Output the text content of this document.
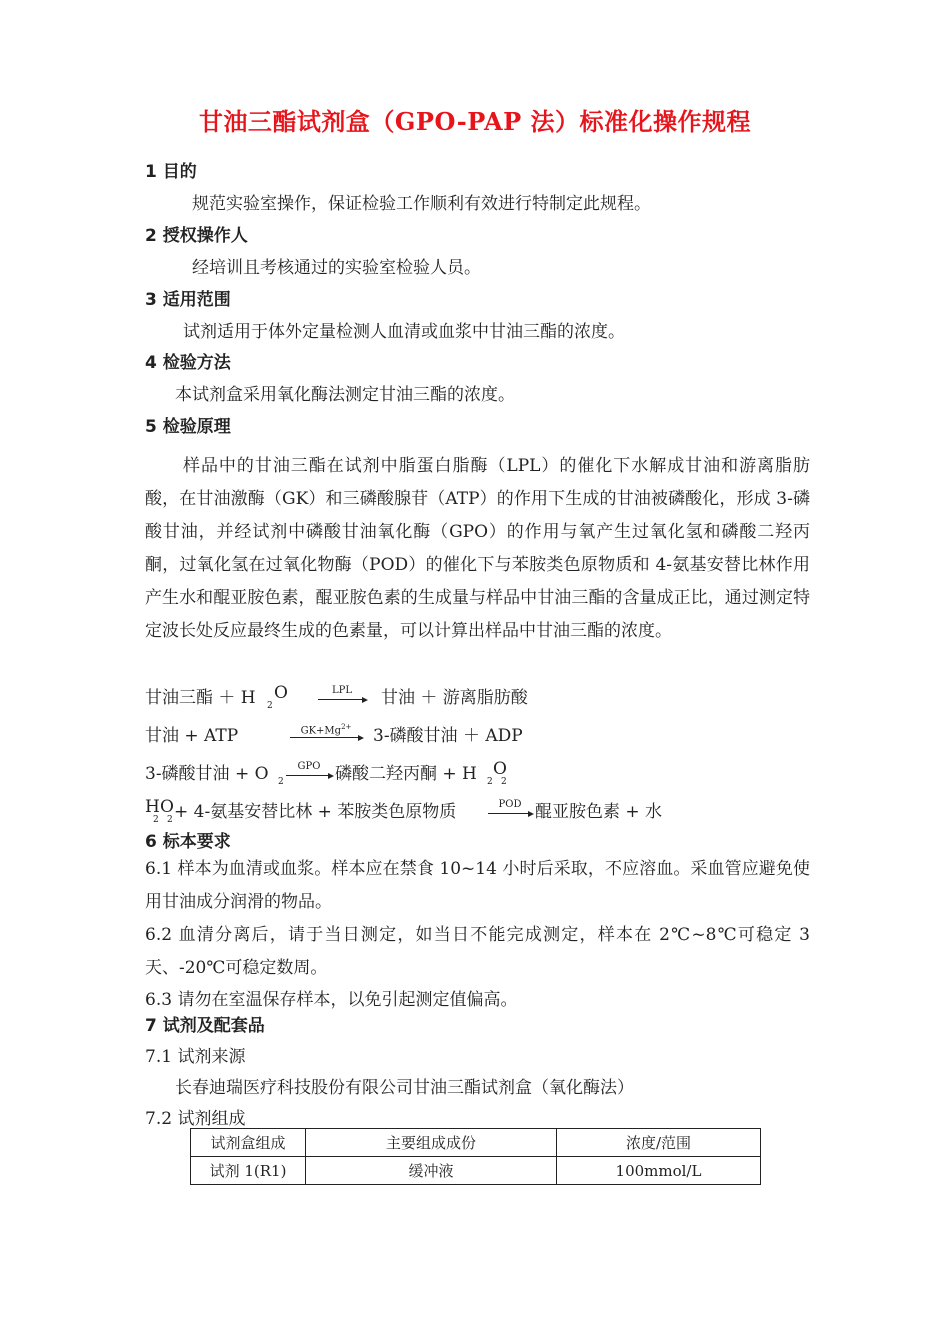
甘油三酯试剂盒（GPO-PAP 法）标准化操作规程
1 目的
规范实验室操作，保证检验工作顺利有效进行特制定此规程。
2 授权操作人
经培训且考核通过的实验室检验人员。
3 适用范围
试剂适用于体外定量检测人血清或血浆中甘油三酯的浓度。
4 检验方法
本试剂盒采用氧化酶法测定甘油三酯的浓度。
5 检验原理
样品中的甘油三酯在试剂中脂蛋白脂酶（LPL）的催化下水解成甘油和游离脂肪酸，在甘油激酶（GK）和三磷酸腺苷（ATP）的作用下生成的甘油被磷酸化，形成 3-磷酸甘油，并经试剂中磷酸甘油氧化酶（GPO）的作用与氧产生过氧化氢和磷酸二羟丙酮，过氧化氢在过氧化物酶（POD）的催化下与苯胺类色原物质和 4-氨基安替比林作用产生水和醌亚胺色素，醌亚胺色素的生成量与样品中甘油三酯的含量成正比，通过测定特定波长处反应最终生成的色素量，可以计算出样品中甘油三酯的浓度。
甘油三酯 ＋ H 2
O	LPL	甘油 ＋ 游离脂肪酸
甘油 + ATP	$GK+Mg^{2+}$	3-磷酸甘油 ＋ ADP
3-磷酸甘油 + O 2
GPO 磷酸二羟丙酮 + H 2
O
2
H
2
O
2 + 4-氨基安替比林 + 苯胺类色原物质	POD 醌亚胺色素 + 水
6 标本要求
6.1 样本为血清或血浆。样本应在禁食 10~14 小时后采取，不应溶血。采血管应避免使用甘油成分润滑的物品。
6.2 血清分离后，请于当日测定，如当日不能完成测定，样本在 2℃~8℃可稳定 3 天、-20℃可稳定数周。
6.3 请勿在室温保存样本，以免引起测定值偏高。
7 试剂及配套品
7.1 试剂来源
长春迪瑞医疗科技股份有限公司甘油三酯试剂盒（氧化酶法）
7.2 试剂组成
试剂盒组成	主要组成成份	浓度/范围
试剂 1(R1)	缓冲液	100mmol/L
